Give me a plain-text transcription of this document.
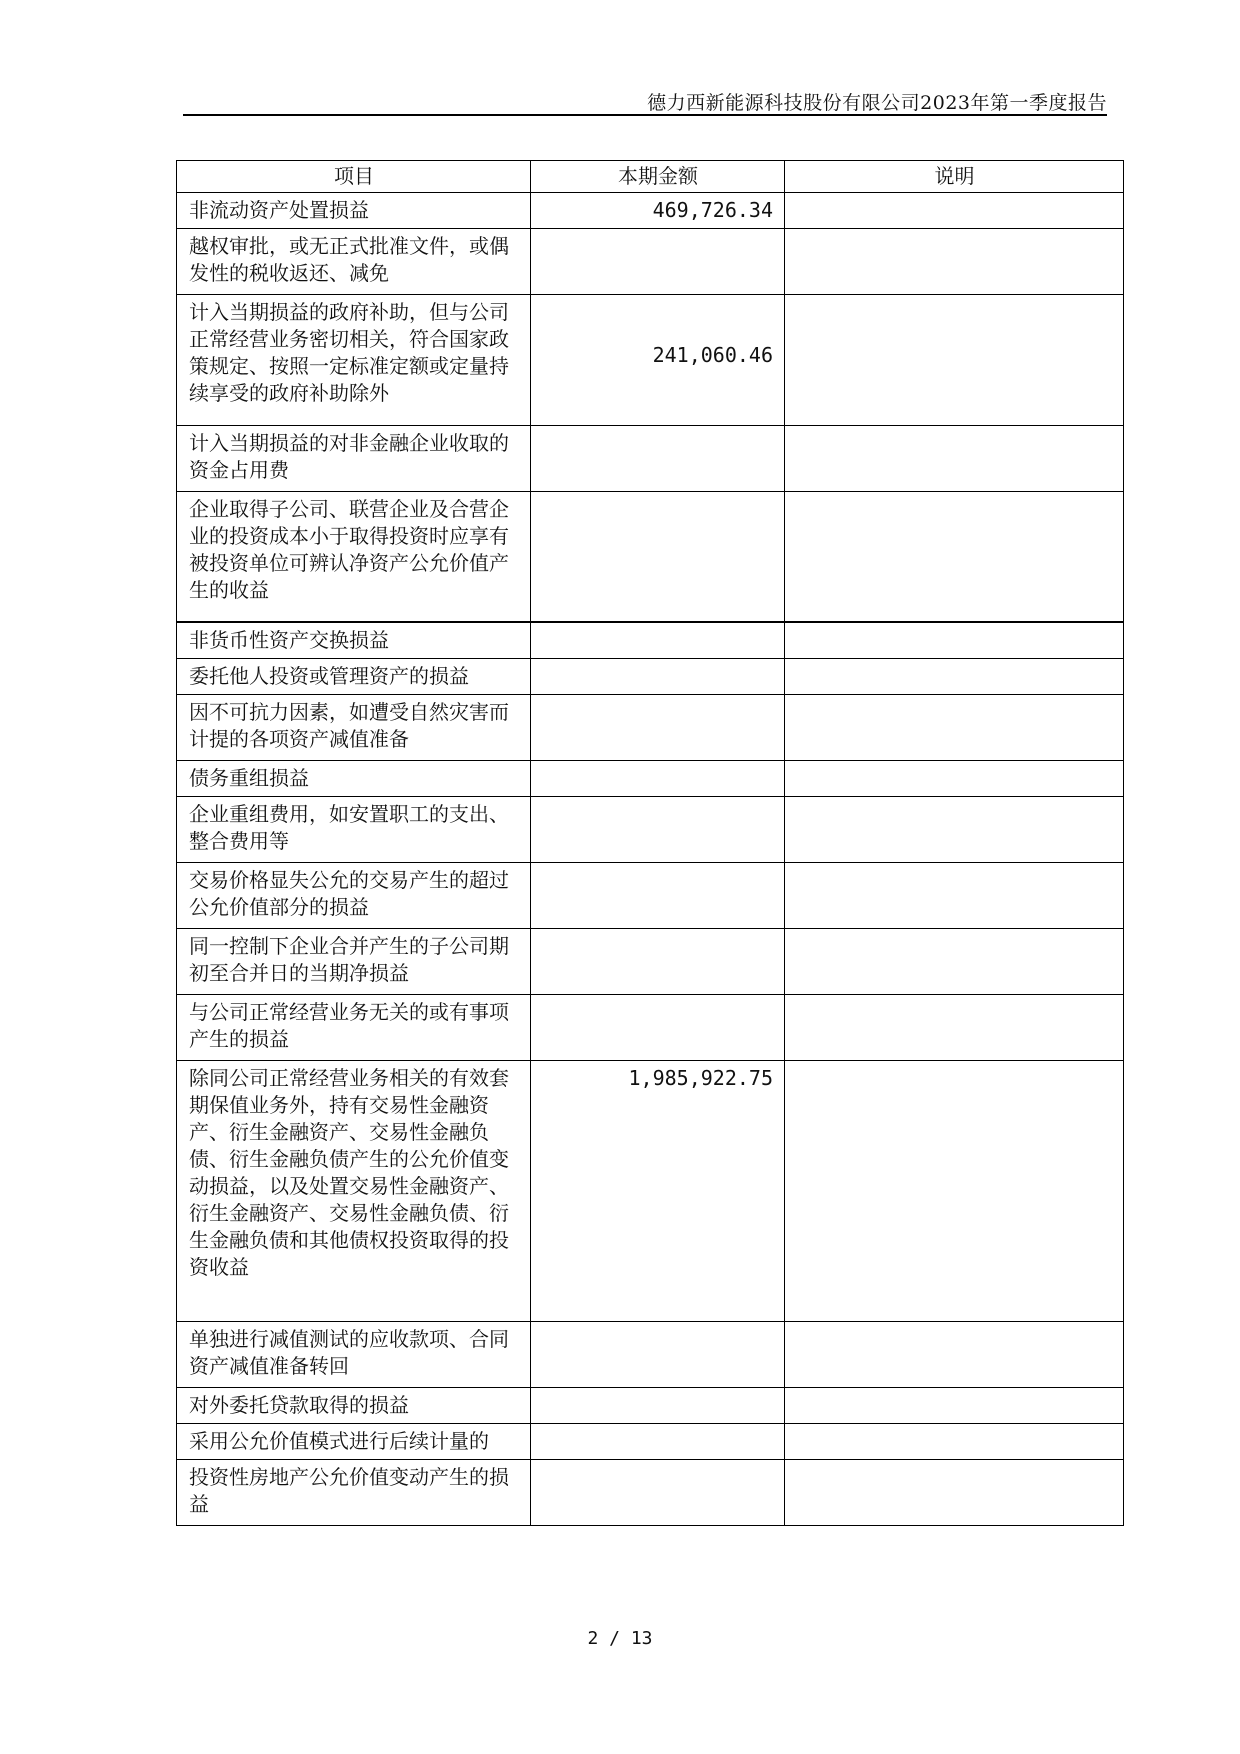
德力西新能源科技股份有限公司2023年第一季度报告
项目	本期金额	说明
非流动资产处置损益	469,726.34	
越权审批，或无正式批准文件，或偶发性的税收返还、减免		
计入当期损益的政府补助，但与公司正常经营业务密切相关，符合国家政策规定、按照一定标准定额或定量持续享受的政府补助除外	241,060.46	
计入当期损益的对非金融企业收取的资金占用费		
企业取得子公司、联营企业及合营企业的投资成本小于取得投资时应享有被投资单位可辨认净资产公允价值产生的收益		
非货币性资产交换损益		
委托他人投资或管理资产的损益		
因不可抗力因素，如遭受自然灾害而计提的各项资产减值准备		
债务重组损益		
企业重组费用，如安置职工的支出、整合费用等		
交易价格显失公允的交易产生的超过公允价值部分的损益		
同一控制下企业合并产生的子公司期初至合并日的当期净损益		
与公司正常经营业务无关的或有事项产生的损益		
除同公司正常经营业务相关的有效套期保值业务外，持有交易性金融资产、衍生金融资产、交易性金融负债、衍生金融负债产生的公允价值变动损益，以及处置交易性金融资产、衍生金融资产、交易性金融负债、衍生金融负债和其他债权投资取得的投资收益	1,985,922.75	
单独进行减值测试的应收款项、合同资产减值准备转回		
对外委托贷款取得的损益		
采用公允价值模式进行后续计量的		
投资性房地产公允价值变动产生的损益		
2 / 13
